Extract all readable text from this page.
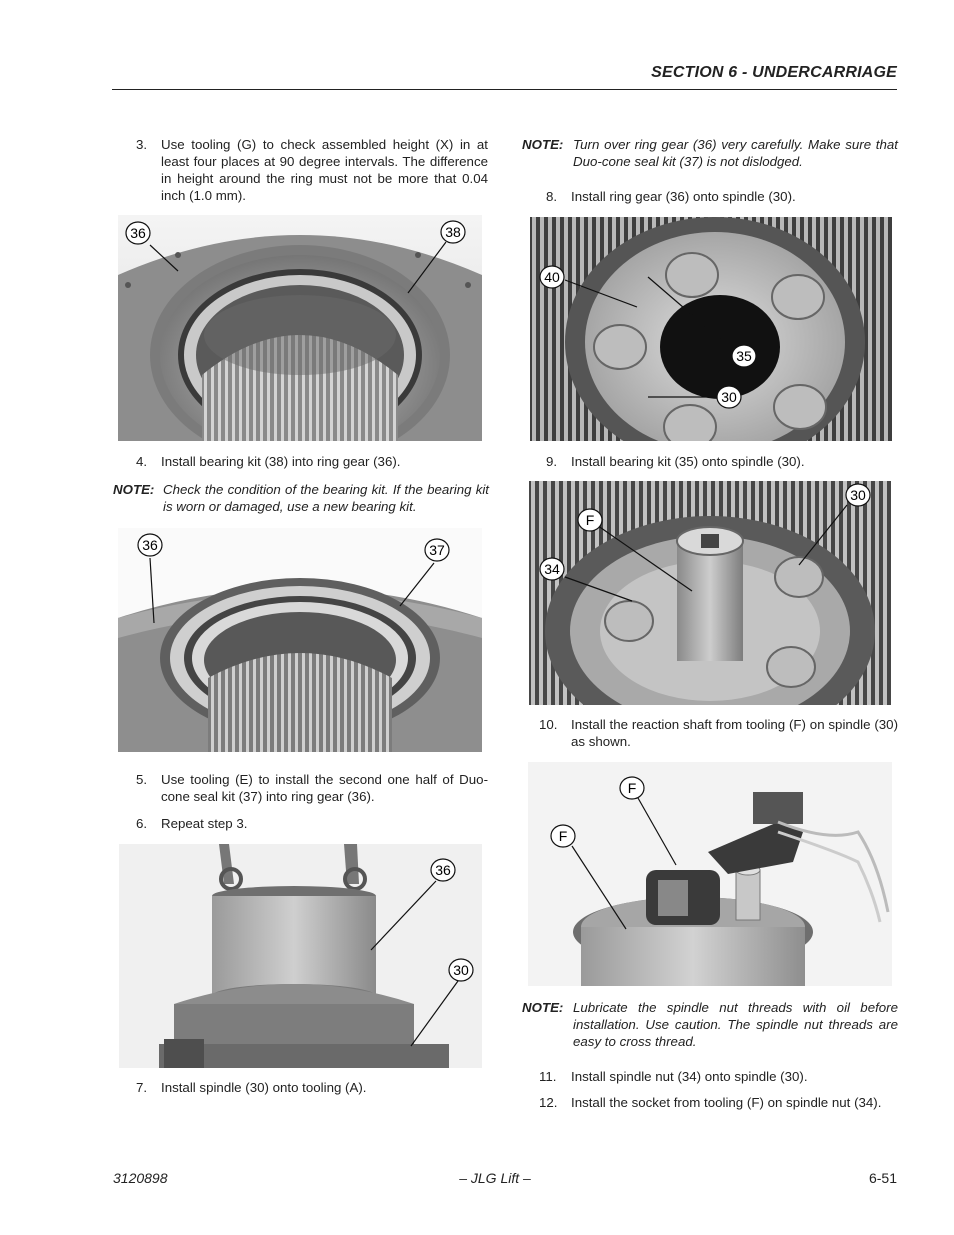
SECTION 6 - UNDERCARRIAGE
3. Use tooling (G) to check assembled height (X) in at least four places at 90 degree intervals. The difference in height around the ring must not be more that 0.04 inch (1.0 mm).
36	38
4. Install bearing kit (38) into ring gear (36).
NOTE: Check the condition of the bearing kit. If the bearing kit is worn or damaged, use a new bearing kit.
36	37
5. Use tooling (E) to install the second one half of Duo-cone seal kit (37) into ring gear (36).
6. Repeat step 3.
36
30
7. Install spindle (30) onto tooling (A).
NOTE: Turn over ring gear (36) very carefully. Make sure that Duo-cone seal kit (37) is not dislodged.
8. Install ring gear (36) onto spindle (30).
40
35
30
9. Install bearing kit (35) onto spindle (30).
F
30
34
10. Install the reaction shaft from tooling (F) on spindle (30) as shown.
F
F
NOTE: Lubricate the spindle nut threads with oil before installation. Use caution. The spindle nut threads are easy to cross thread.
11. Install spindle nut (34) onto spindle (30).
12. Install the socket from tooling (F) on spindle nut (34).
3120898	– JLG Lift –	6-51
